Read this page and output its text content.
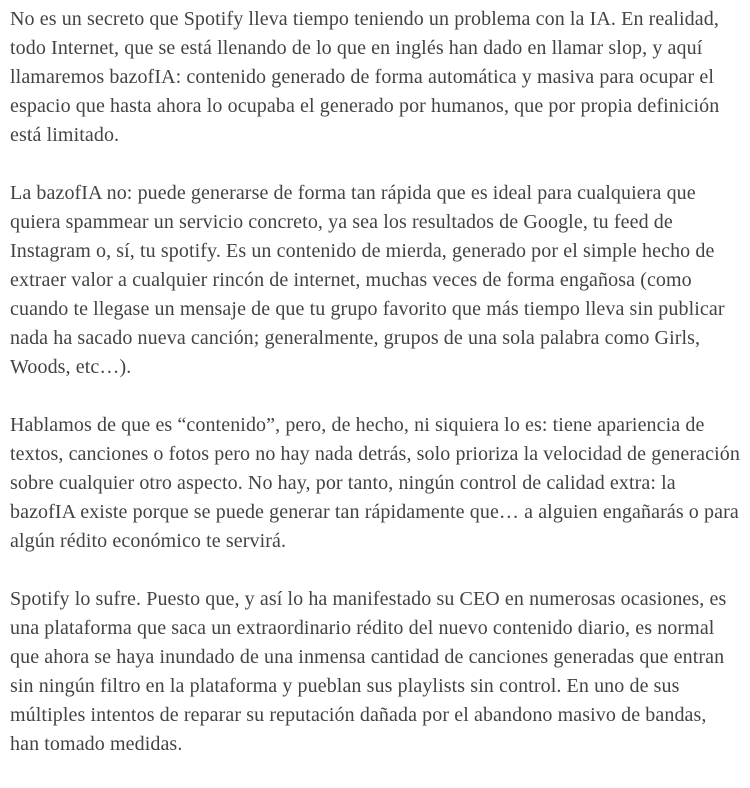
No es un secreto que Spotify lleva tiempo teniendo un problema con la IA. En realidad, todo Internet, que se está llenando de lo que en inglés han dado en llamar slop, y aquí llamaremos bazofIA: contenido generado de forma automática y masiva para ocupar el espacio que hasta ahora lo ocupaba el generado por humanos, que por propia definición está limitado.

La bazofIA no: puede generarse de forma tan rápida que es ideal para cualquiera que quiera spammear un servicio concreto, ya sea los resultados de Google, tu feed de Instagram o, sí, tu spotify. Es un contenido de mierda, generado por el simple hecho de extraer valor a cualquier rincón de internet, muchas veces de forma engañosa (como cuando te llegase un mensaje de que tu grupo favorito que más tiempo lleva sin publicar nada ha sacado nueva canción; generalmente, grupos de una sola palabra como Girls, Woods, etc…).

Hablamos de que es “contenido”, pero, de hecho, ni siquiera lo es: tiene apariencia de textos, canciones o fotos pero no hay nada detrás, solo prioriza la velocidad de generación sobre cualquier otro aspecto. No hay, por tanto, ningún control de calidad extra: la bazofIA existe porque se puede generar tan rápidamente que… a alguien engañarás o para algún rédito económico te servirá.

Spotify lo sufre. Puesto que, y así lo ha manifestado su CEO en numerosas ocasiones, es una plataforma que saca un extraordinario rédito del nuevo contenido diario, es normal que ahora se haya inundado de una inmensa cantidad de canciones generadas que entran sin ningún filtro en la plataforma y pueblan sus playlists sin control. En uno de sus múltiples intentos de reparar su reputación dañada por el abandono masivo de bandas, han tomado medidas.
